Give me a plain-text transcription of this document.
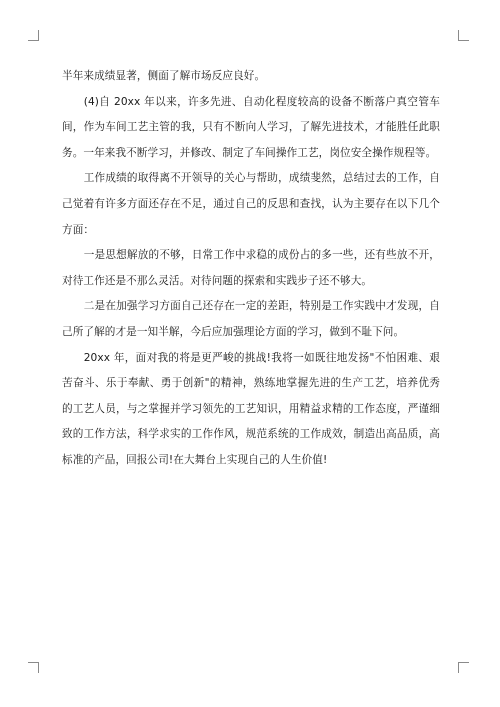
半年来成绩显著，侧面了解市场反应良好。

(4)自 20xx 年以来，许多先进、自动化程度较高的设备不断落户真空管车间，作为车间工艺主管的我，只有不断向人学习，了解先进技术，才能胜任此职务。一年来我不断学习，并修改、制定了车间操作工艺，岗位安全操作规程等。

工作成绩的取得离不开领导的关心与帮助，成绩斐然，总结过去的工作，自己觉着有许多方面还存在不足，通过自己的反思和查找，认为主要存在以下几个方面：

一是思想解放的不够，日常工作中求稳的成份占的多一些，还有些放不开，对待工作还是不那么灵活。对待问题的探索和实践步子还不够大。

二是在加强学习方面自己还存在一定的差距，特别是工作实践中才发现，自己所了解的才是一知半解，今后应加强理论方面的学习，做到不耻下问。

20xx 年，面对我的将是更严峻的挑战!我将一如既往地发扬"不怕困难、艰苦奋斗、乐于奉献、勇于创新"的精神，熟练地掌握先进的生产工艺，培养优秀的工艺人员，与之掌握并学习领先的工艺知识，用精益求精的工作态度，严谨细致的工作方法，科学求实的工作作风，规范系统的工作成效，制造出高品质，高标准的产品，回报公司!在大舞台上实现自己的人生价值!
